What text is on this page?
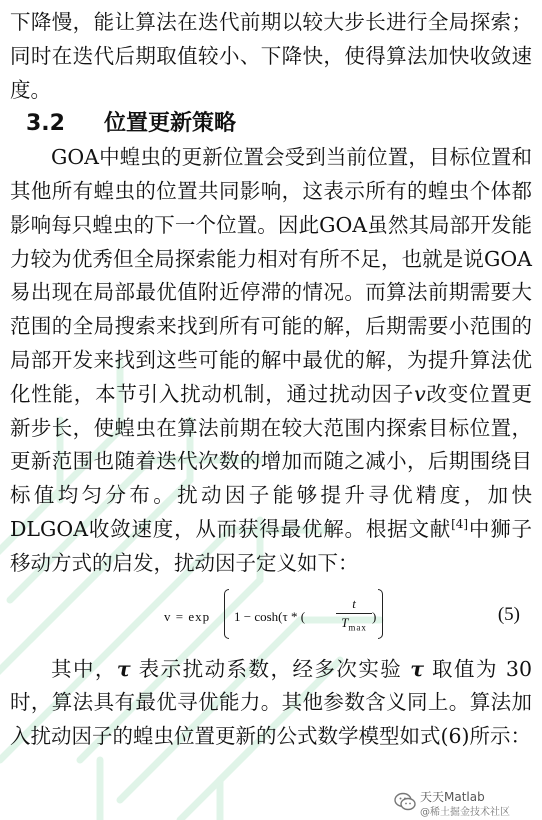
下降慢，能让算法在迭代前期以较大步长进行全局探索；同时在迭代后期取值较小、下降快，使得算法加快收敛速度。

3.2 位置更新策略

GOA中蝗虫的更新位置会受到当前位置，目标位置和其他所有蝗虫的位置共同影响，这表示所有的蝗虫个体都影响每只蝗虫的下一个位置。因此GOA虽然其局部开发能力较为优秀但全局探索能力相对有所不足，也就是说GOA易出现在局部最优值附近停滞的情况。而算法前期需要大范围的全局搜索来找到所有可能的解，后期需要小范围的局部开发来找到这些可能的解中最优的解，为提升算法优化性能，本节引入扰动机制，通过扰动因子v改变位置更新步长，使蝗虫在算法前期在较大范围内探索目标位置，更新范围也随着迭代次数的增加而随之减小，后期围绕目标值均匀分布。扰动因子能够提升寻优精度，加快DLGOA收敛速度，从而获得最优解。根据文献[4]中狮子移动方式的启发，扰动因子定义如下：

v = exp 1 − cosh(τ * (
t
$T_{max}$
)	(5)

其中，τ 表示扰动系数，经多次实验 τ 取值为 30 时，算法具有最优寻优能力。其他参数含义同上。算法加入扰动因子的蝗虫位置更新的公式数学模型如式(6)所示：

天天Matlab
@稀土掘金技术社区
